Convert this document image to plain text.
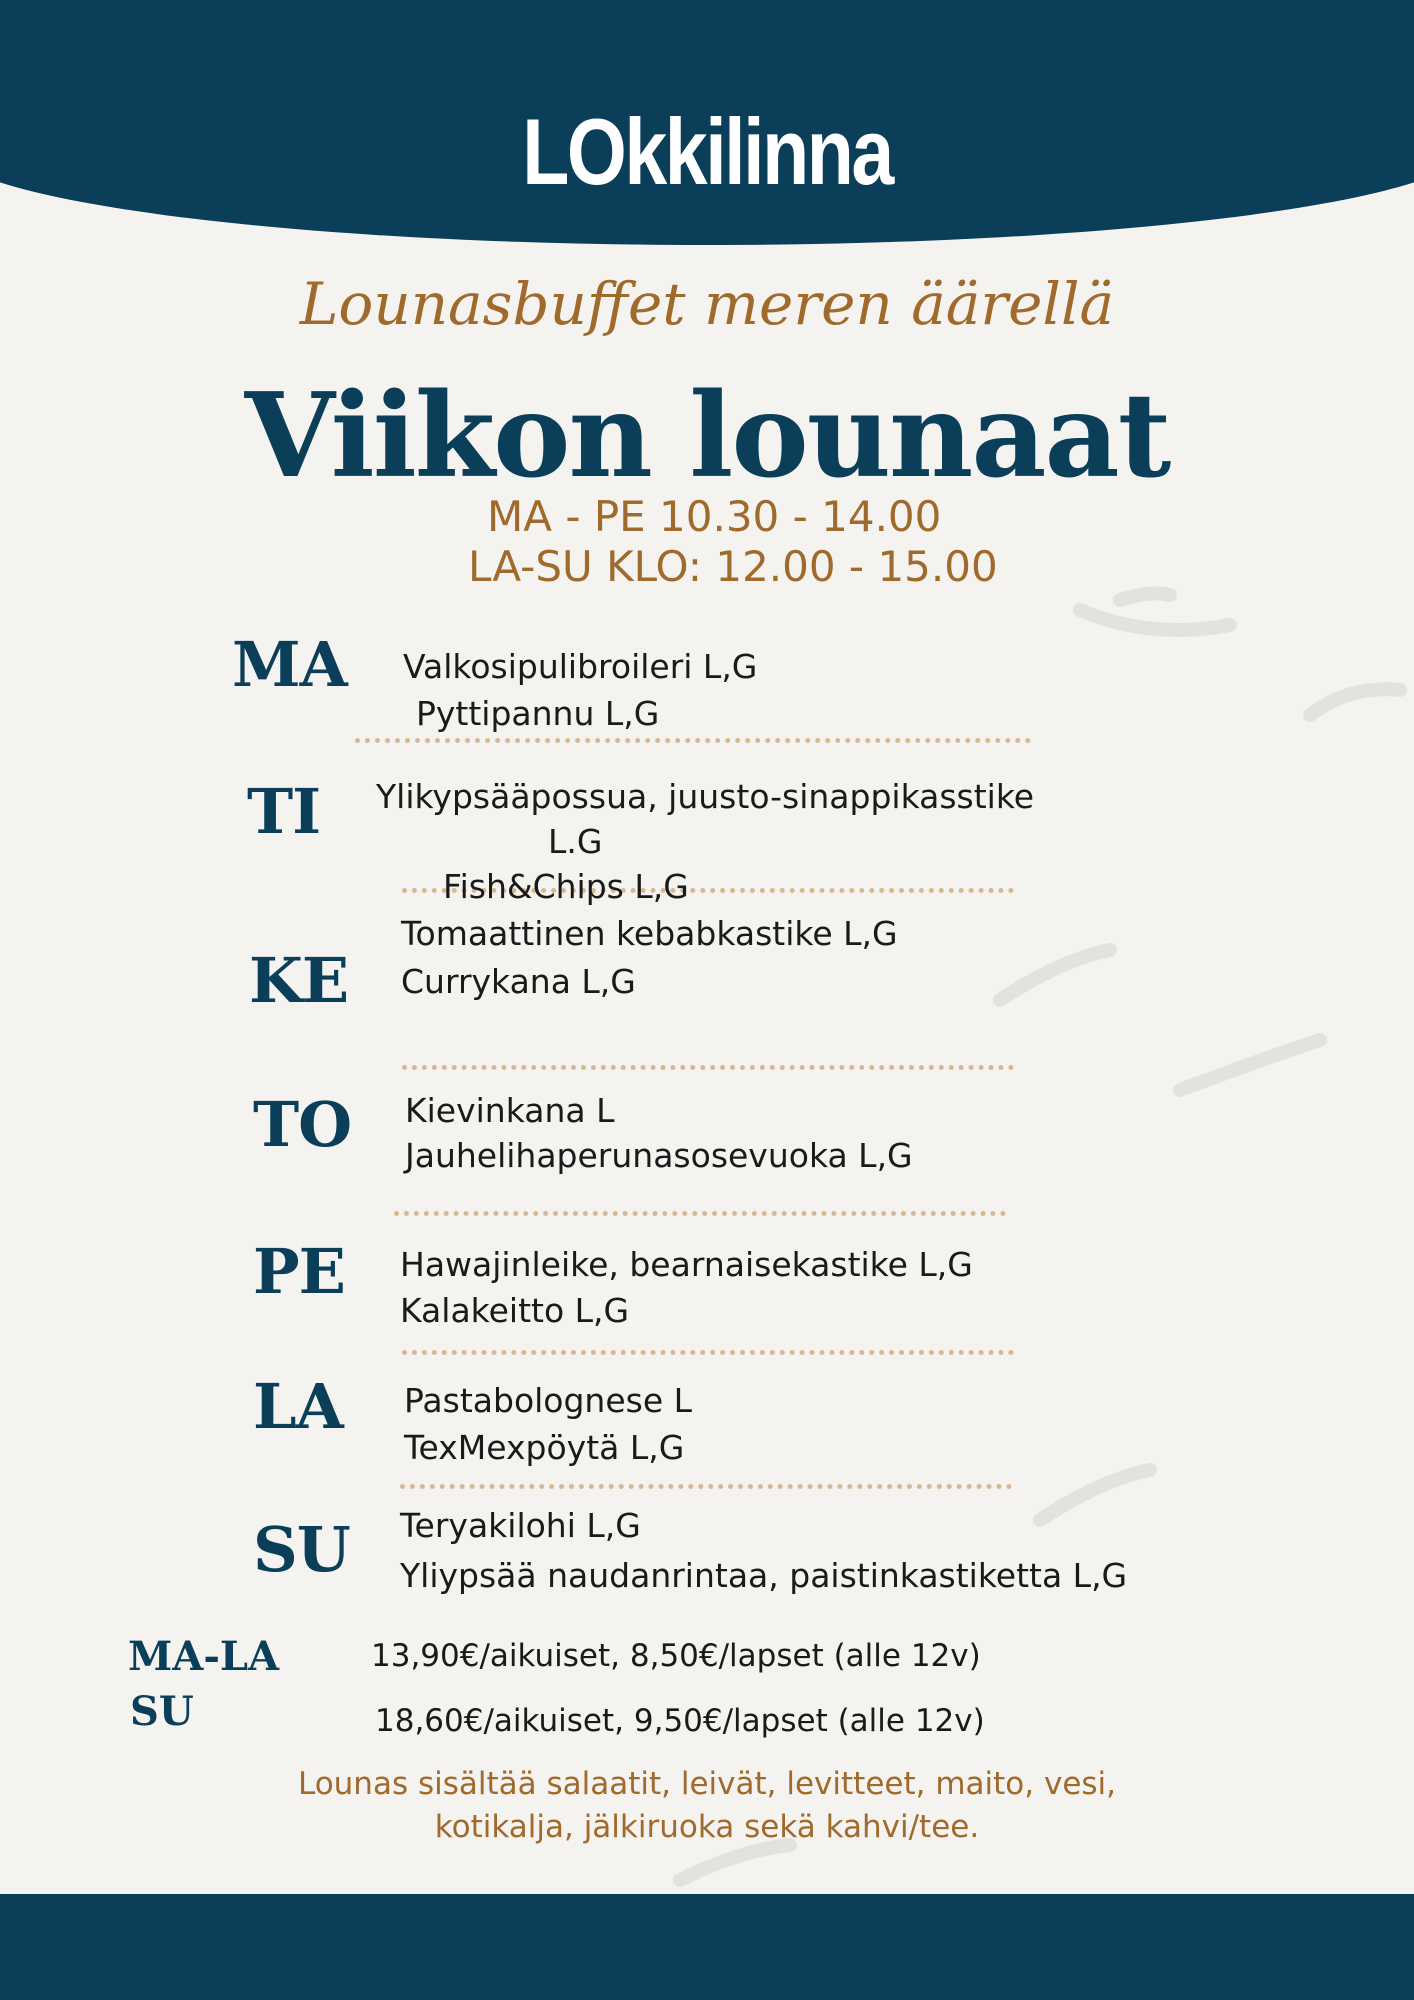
LOkkilinna
Lounasbuffet meren äärellä
Viikon lounaat
MA - PE 10.30 - 14.00
LA-SU KLO: 12.00 - 15.00
MA Valkosipulibroileri L,G
Pyttipannu L,G
TI Ylikypsääpossua, juusto-sinappikasstike
L.G
Fish&Chips L,G
KE
Tomaattinen kebabkastike L,G
Currykana L,G
TO Kievinkana L
Jauhelihaperunasosevuoka L,G
PE Hawajinleike, bearnaisekastike L,G
Kalakeitto L,G
LA Pastabolognese L
TexMexpöytä L,G
SU Teryakilohi L,G
Yliypsää naudanrintaa, paistinkastiketta L,G
MA-LA	13,90€/aikuiset, 8,50€/lapset (alle 12v)
SU	18,60€/aikuiset, 9,50€/lapset (alle 12v)
Lounas sisältää salaatit, leivät, levitteet, maito, vesi,
kotikalja, jälkiruoka sekä kahvi/tee.
